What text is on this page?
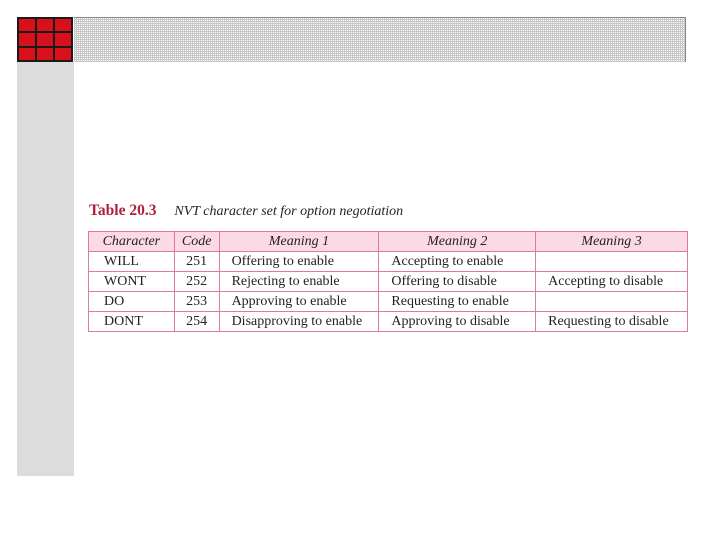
Table 20.3 NVT character set for option negotiation
Character	Code	Meaning 1	Meaning 2	Meaning 3
WILL	251	Offering to enable	Accepting to enable	
WONT	252	Rejecting to enable	Offering to disable	Accepting to disable
DO	253	Approving to enable	Requesting to enable	
DONT	254	Disapproving to enable	Approving to disable	Requesting to disable
